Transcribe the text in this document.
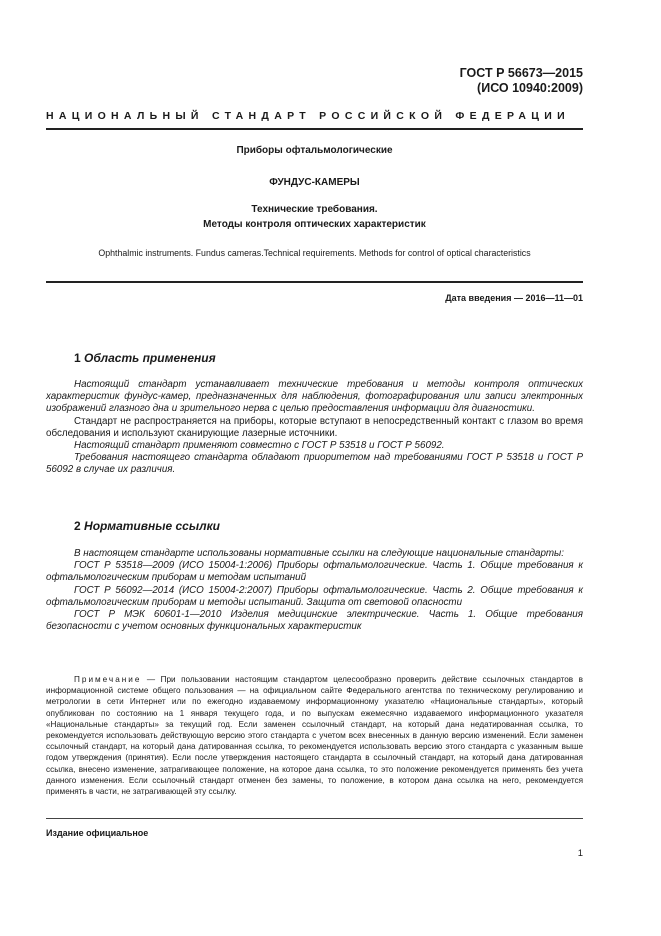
ГОСТ Р 56673—2015
(ИСО 10940:2009)
НАЦИОНАЛЬНЫЙ СТАНДАРТ РОССИЙСКОЙ ФЕДЕРАЦИИ
Приборы офтальмологические
ФУНДУС-КАМЕРЫ
Технические требования.
Методы контроля оптических характеристик
Ophthalmic instruments. Fundus cameras.Technical requirements. Methods for control of optical characteristics
Дата введения — 2016—11—01
1 Область применения

Настоящий стандарт устанавливает технические требования и методы контроля оптических характеристик фундус-камер, предназначенных для наблюдения, фотографирования или записи электронных изображений глазного дна и зрительного нерва с целью предоставления информации для диагностики.

Стандарт не распространяется на приборы, которые вступают в непосредственный контакт с глазом во время обследования и используют сканирующие лазерные источники.

Настоящий стандарт применяют совместно с ГОСТ Р 53518 и ГОСТ Р 56092.

Требования настоящего стандарта обладают приоритетом над требованиями ГОСТ Р 53518 и ГОСТ Р 56092 в случае их различия.

2 Нормативные ссылки

В настоящем стандарте использованы нормативные ссылки на следующие национальные стандарты:

ГОСТ Р 53518—2009 (ИСО 15004-1:2006) Приборы офтальмологические. Часть 1. Общие требования к офтальмологическим приборам и методам испытаний

ГОСТ Р 56092—2014 (ИСО 15004-2:2007) Приборы офтальмологические. Часть 2. Общие требования к офтальмологическим приборам и методы испытаний. Защита от световой опасности

ГОСТ Р МЭК 60601-1—2010 Изделия медицинские электрические. Часть 1. Общие требования безопасности с учетом основных функциональных характеристик

Примечание — При пользовании настоящим стандартом целесообразно проверить действие ссылочных стандартов в информационной системе общего пользования — на официальном сайте Федерального агентства по техническому регулированию и метрологии в сети Интернет или по ежегодно издаваемому информационному указателю «Национальные стандарты», который опубликован по состоянию на 1 января текущего года, и по выпускам ежемесячно издаваемого информационного указателя «Национальные стандарты» за текущий год. Если заменен ссылочный стандарт, на который дана недатированная ссылка, то рекомендуется использовать действующую версию этого стандарта с учетом всех внесенных в данную версию изменений. Если заменен ссылочный стандарт, на который дана датированная ссылка, то рекомендуется использовать версию этого стандарта с указанным выше годом утверждения (принятия). Если после утверждения настоящего стандарта в ссылочный стандарт, на который дана датированная ссылка, внесено изменение, затрагивающее положение, на которое дана ссылка, то это положение рекомендуется применять без учета данного изменения. Если ссылочный стандарт отменен без замены, то положение, в котором дана ссылка на него, рекомендуется применять в части, не затрагивающей эту ссылку.

Издание официальное
1
